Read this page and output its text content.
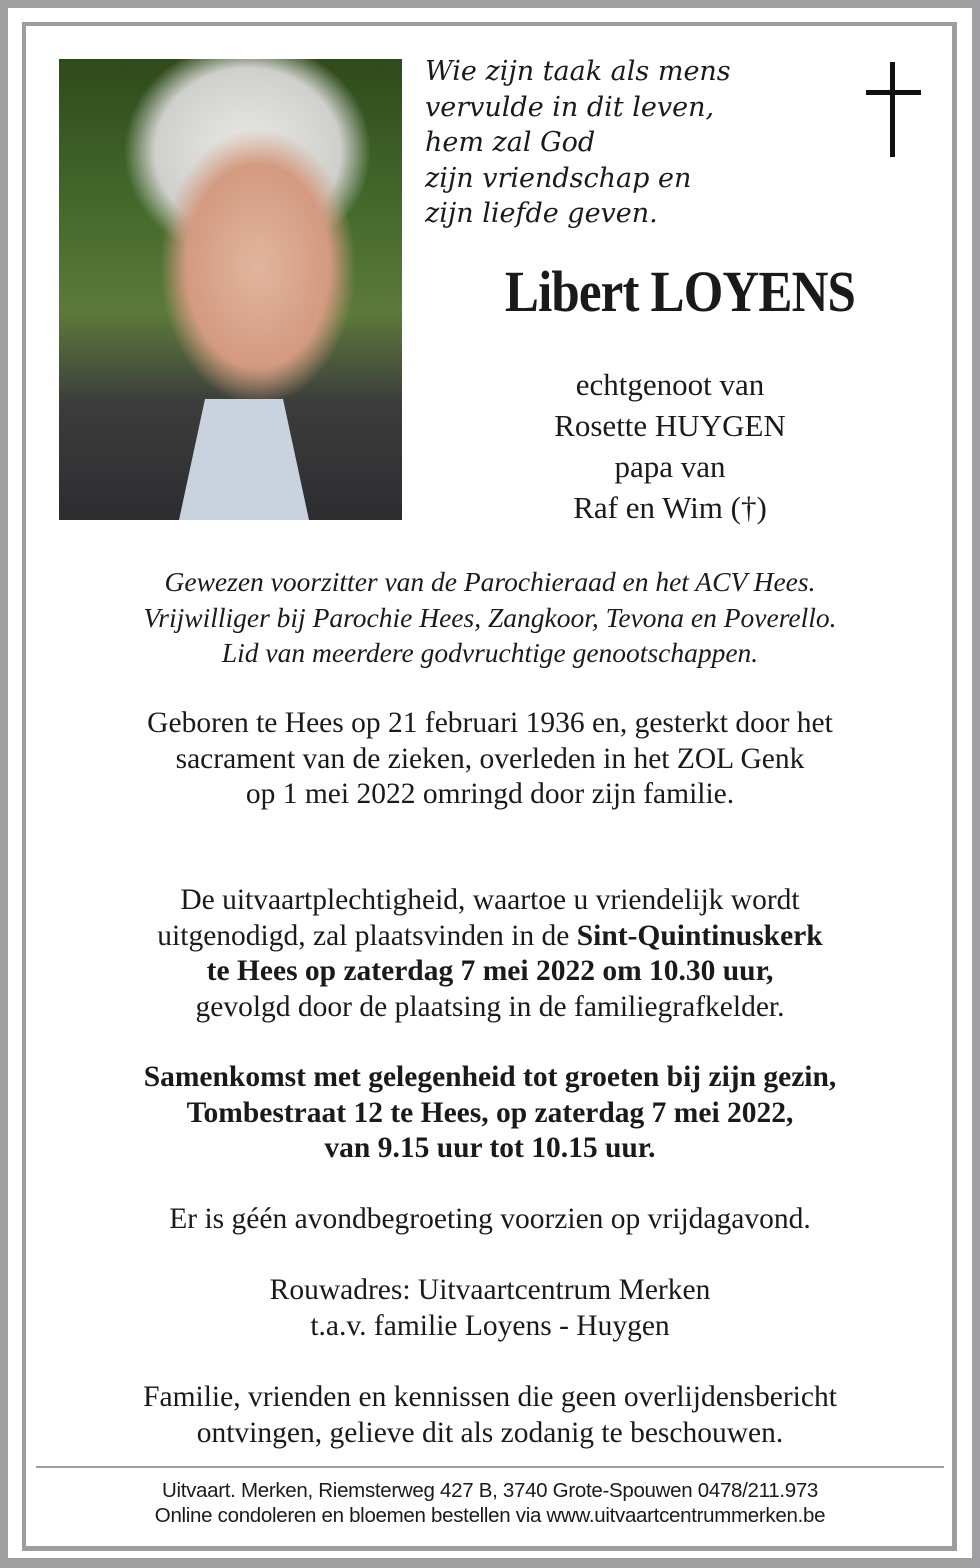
Wie zijn taak als mens
vervulde in dit leven,
hem zal God
zijn vriendschap en
zijn liefde geven.
Libert LOYENS
echtgenoot van
Rosette HUYGEN
papa van
Raf en Wim (†)
Gewezen voorzitter van de Parochieraad en het ACV Hees.
Vrijwilliger bij Parochie Hees, Zangkoor, Tevona en Poverello.
Lid van meerdere godvruchtige genootschappen.
Geboren te Hees op 21 februari 1936 en, gesterkt door het
sacrament van de zieken, overleden in het ZOL Genk
op 1 mei 2022 omringd door zijn familie.
De uitvaartplechtigheid, waartoe u vriendelijk wordt
uitgenodigd, zal plaatsvinden in de Sint-Quintinuskerk
te Hees op zaterdag 7 mei 2022 om 10.30 uur,
gevolgd door de plaatsing in de familiegrafkelder.
Samenkomst met gelegenheid tot groeten bij zijn gezin,
Tombestraat 12 te Hees, op zaterdag 7 mei 2022,
van 9.15 uur tot 10.15 uur.
Er is géén avondbegroeting voorzien op vrijdagavond.
Rouwadres: Uitvaartcentrum Merken
t.a.v. familie Loyens - Huygen
Familie, vrienden en kennissen die geen overlijdensbericht
ontvingen, gelieve dit als zodanig te beschouwen.
Uitvaart. Merken, Riemsterweg 427 B, 3740 Grote-Spouwen 0478/211.973
Online condoleren en bloemen bestellen via www.uitvaartcentrummerken.be
